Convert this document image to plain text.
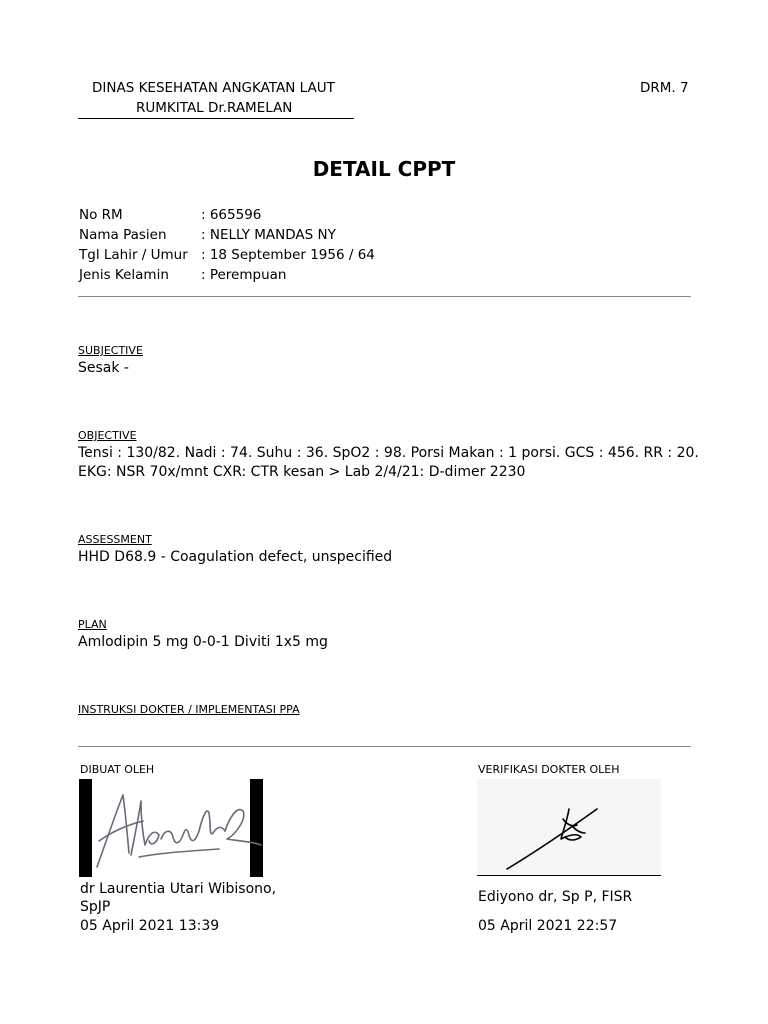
DINAS KESEHATAN ANGKATAN LAUT
RUMKITAL Dr.RAMELAN
DRM. 7
DETAIL CPPT
No RM	: 665596
Nama Pasien	: NELLY MANDAS NY
Tgl Lahir / Umur : 18 September 1956 / 64
Jenis Kelamin	: Perempuan
SUBJECTIVE
Sesak -
OBJECTIVE
Tensi : 130/82. Nadi : 74. Suhu : 36. SpO2 : 98. Porsi Makan : 1 porsi. GCS : 456. RR : 20.
EKG: NSR 70x/mnt CXR: CTR kesan > Lab 2/4/21: D-dimer 2230
ASSESSMENT
HHD D68.9 - Coagulation defect, unspecified
PLAN
Amlodipin 5 mg 0-0-1 Diviti 1x5 mg
INSTRUKSI DOKTER / IMPLEMENTASI PPA
DIBUAT OLEH
dr Laurentia Utari Wibisono,
SpJP
05 April 2021 13:39
VERIFIKASI DOKTER OLEH
Ediyono dr, Sp P, FISR
05 April 2021 22:57
